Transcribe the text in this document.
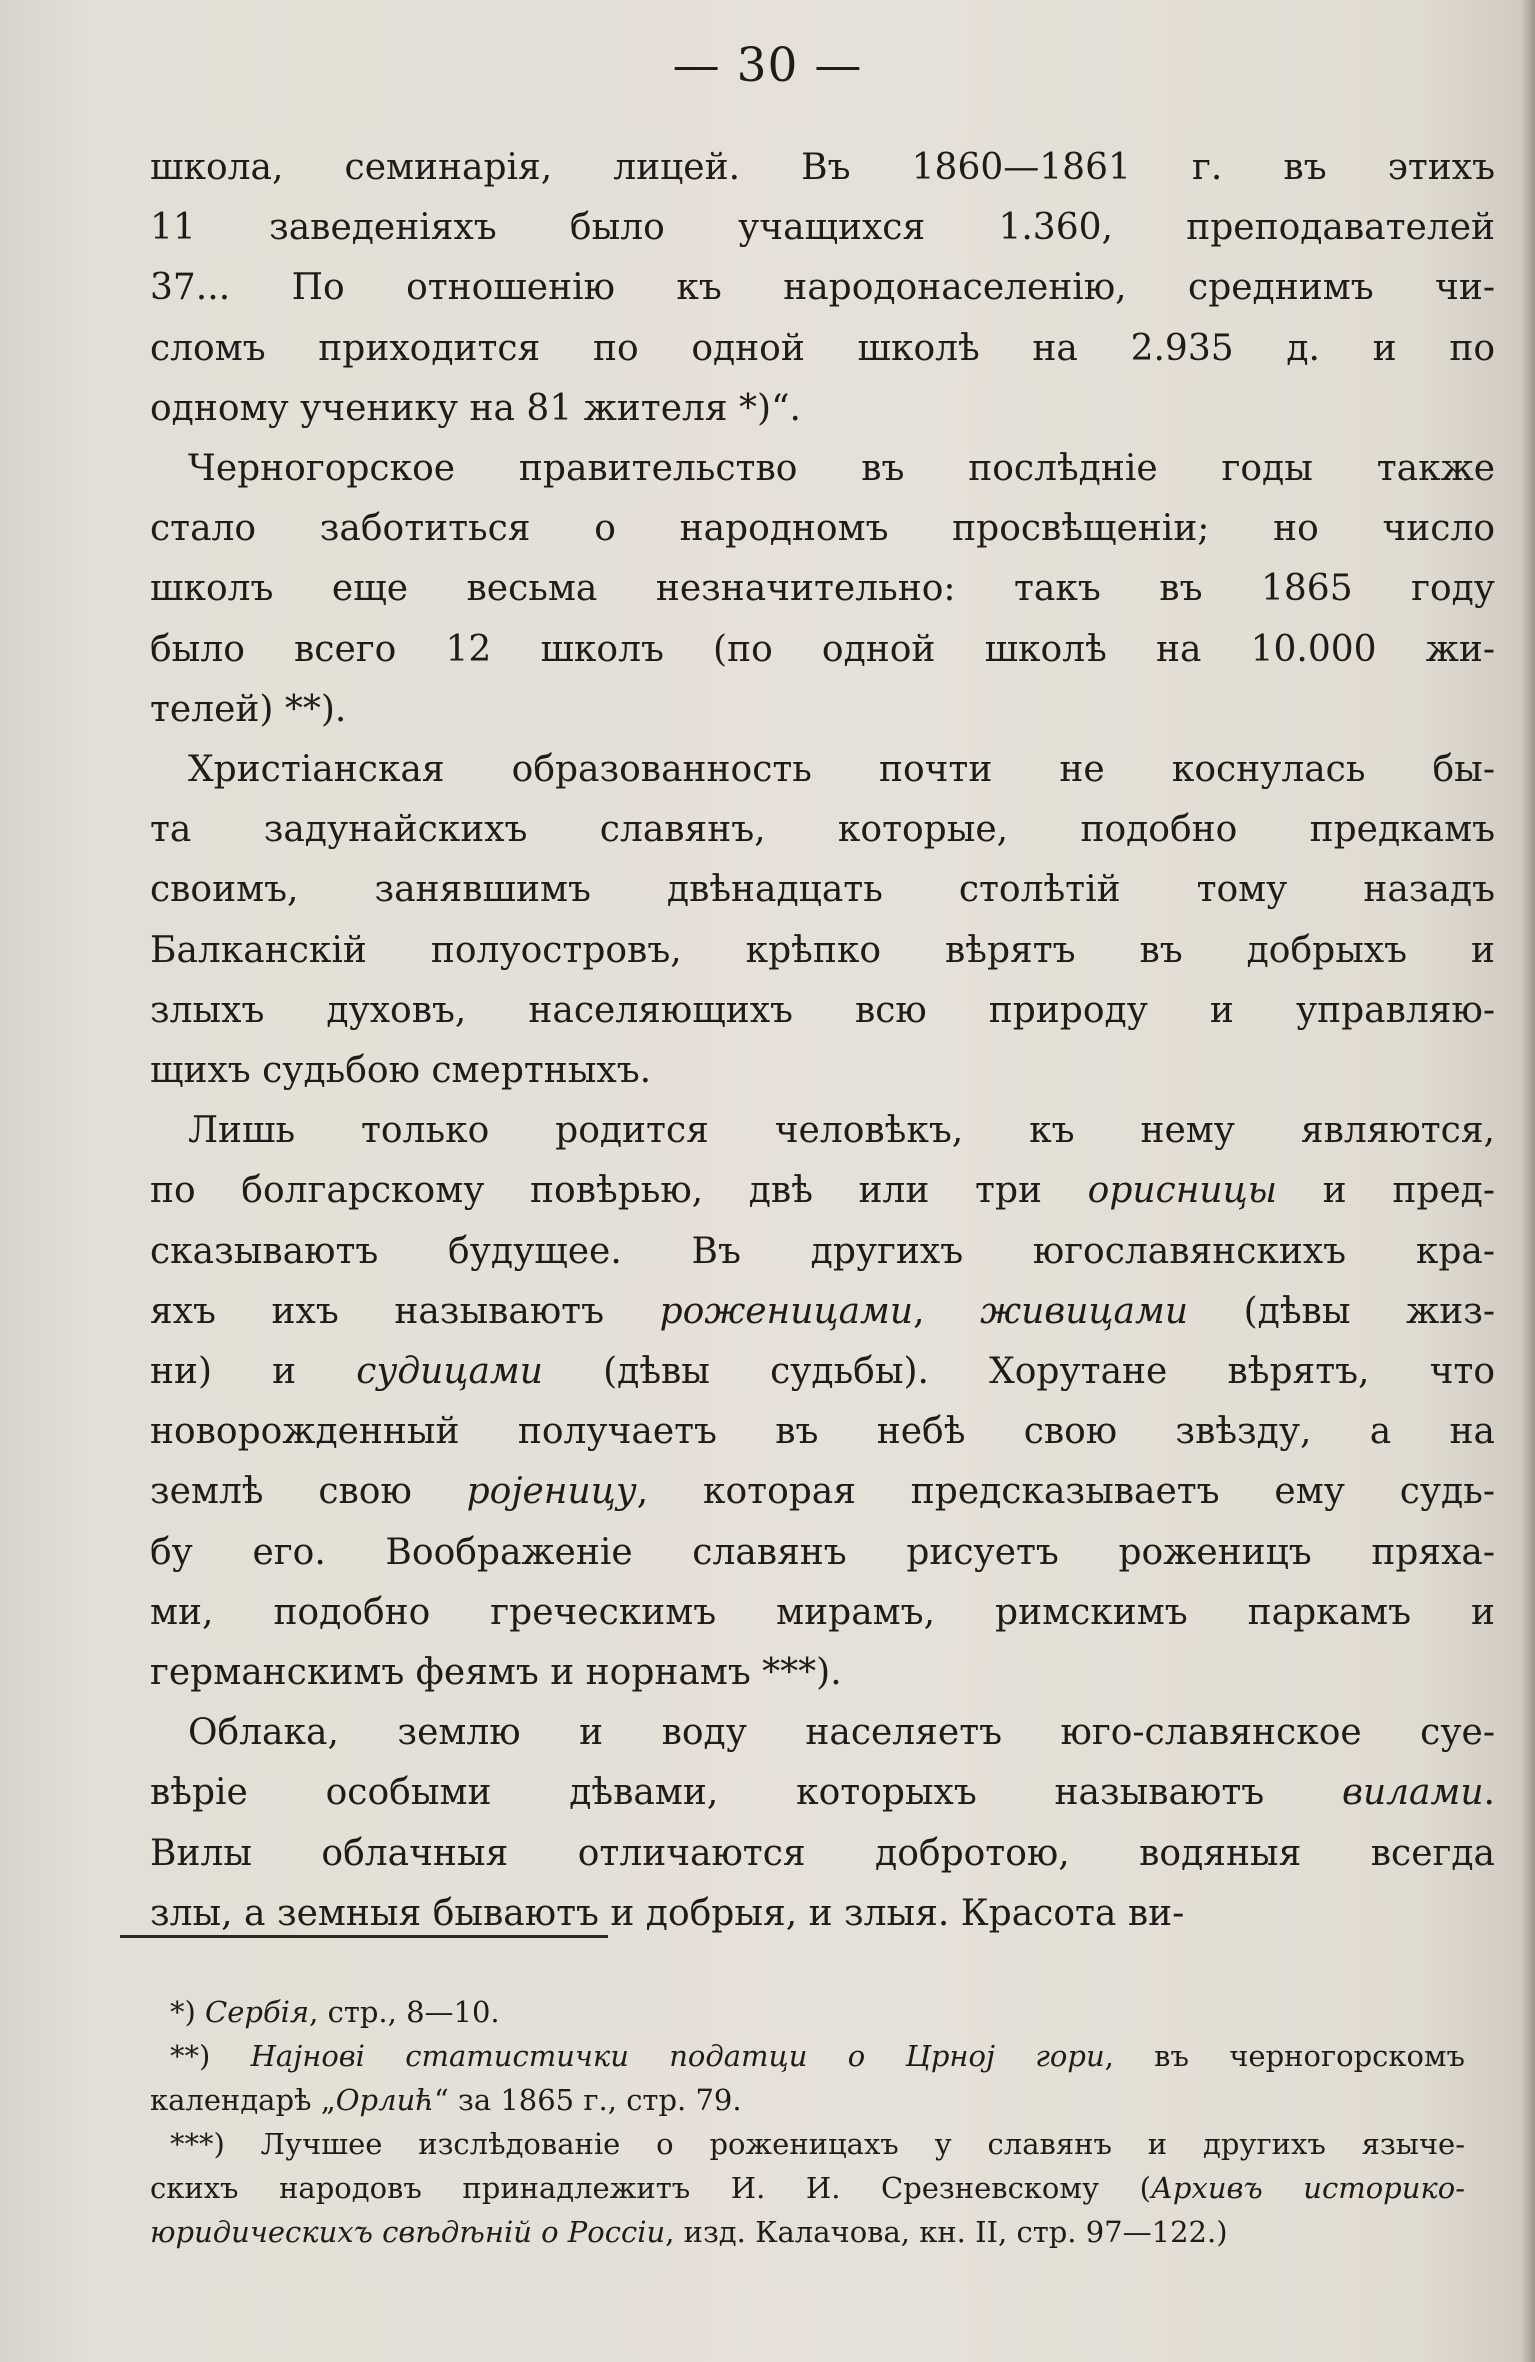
— 30 —
школа, семинарія, лицей. Въ 1860—1861 г. въ этихъ
11 заведеніяхъ было учащихся 1.360, преподавателей
37... По отношенію къ народонаселенію, среднимъ чи-
сломъ приходится по одной школѣ на 2.935 д. и по
одному ученику на 81 жителя *)“.
Черногорское правительство въ послѣдніе годы также
стало заботиться о народномъ просвѣщеніи; но число
школъ еще весьма незначительно: такъ въ 1865 году
было всего 12 школъ (по одной школѣ на 10.000 жи-
телей) **).
Христіанская образованность почти не коснулась бы-
та задунайскихъ славянъ, которые, подобно предкамъ
своимъ, занявшимъ двѣнадцать столѣтій тому назадъ
Балканскій полуостровъ, крѣпко вѣрятъ въ добрыхъ и
злыхъ духовъ, населяющихъ всю природу и управляю-
щихъ судьбою смертныхъ.
Лишь только родится человѣкъ, къ нему являются,
по болгарскому повѣрью, двѣ или три орисницы и пред-
сказываютъ будущее. Въ другихъ югославянскихъ кра-
яхъ ихъ называютъ роженицами, живицами (дѣвы жиз-
ни) и судицами (дѣвы судьбы). Хорутане вѣрятъ, что
новорожденный получаетъ въ небѣ свою звѣзду, а на
землѣ свою рojеницу, которая предсказываетъ ему судь-
бу его. Воображеніе славянъ рисуетъ роженицъ пряха-
ми, подобно греческимъ мирамъ, римскимъ паркамъ и
германскимъ феямъ и норнамъ ***).
Облака, землю и воду населяетъ юго-славянское суе-
вѣріе особыми дѣвами, которыхъ называютъ вилами.
Вилы облачныя отличаются добротою, водяныя всегда
злы, а земныя бываютъ и добрыя, и злыя. Красота ви-
*) Сербія, стр., 8—10.
**) Најнові статистички податци о Црној гори, въ черногорскомъ
календарѣ „Орлић“ за 1865 г., стр. 79.
***) Лучшее изслѣдованіе о роженицахъ у славянъ и другихъ язычe-
скихъ народовъ принадлежитъ И. И. Срезневскому (Архивъ историко-
юридическихъ свѣдѣній о Россіи, изд. Калачова, кн. II, стр. 97—122.)
